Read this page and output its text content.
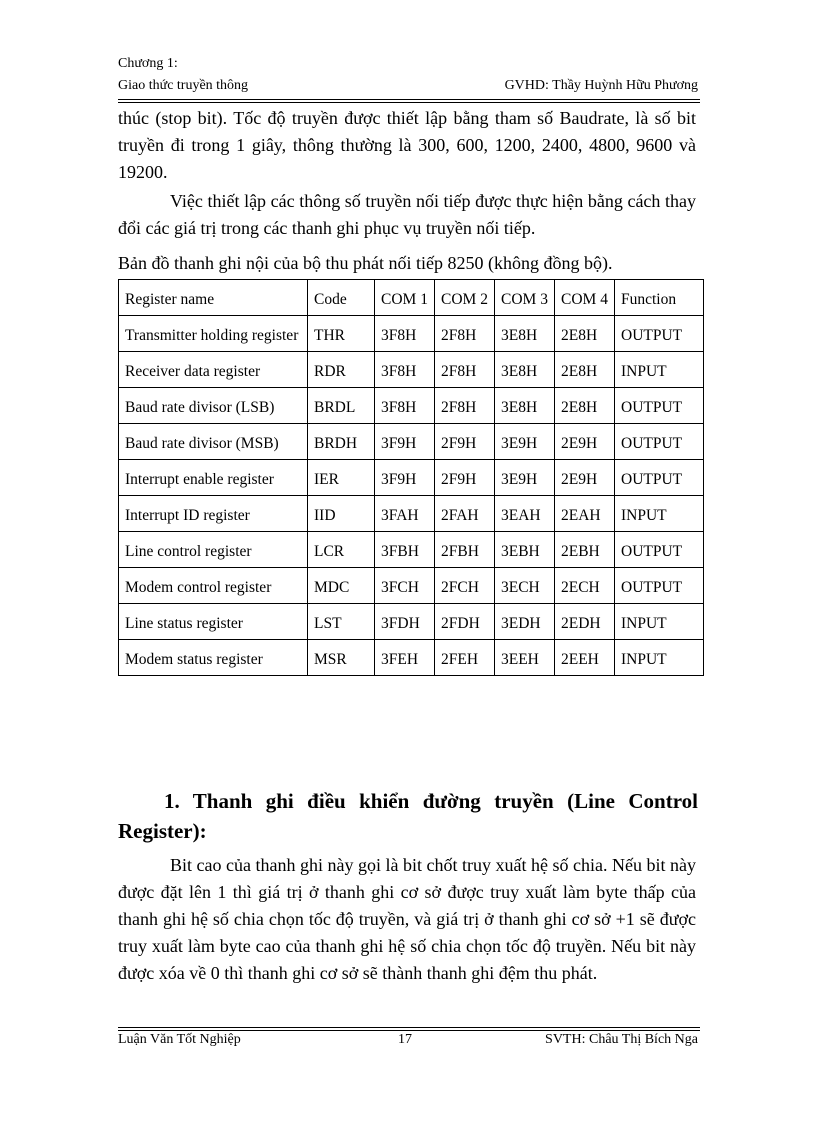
Chương 1:
Giao thức truyền thông	GVHD: Thầy Huỳnh Hữu Phương
thúc (stop bit). Tốc độ truyền được thiết lập bằng tham số Baudrate, là số bit truyền đi trong 1 giây, thông thường là 300, 600, 1200, 2400, 4800, 9600 và 19200.
Việc thiết lập các thông số truyền nối tiếp được thực hiện bằng cách thay đổi các giá trị trong các thanh ghi phục vụ truyền nối tiếp.
Bản đồ thanh ghi nội của bộ thu phát nối tiếp 8250 (không đồng bộ).
Register name	Code	COM 1	COM 2	COM 3	COM 4	Function
Transmitter holding register	THR	3F8H	2F8H	3E8H	2E8H	OUTPUT
Receiver data register	RDR	3F8H	2F8H	3E8H	2E8H	INPUT
Baud rate divisor (LSB)	BRDL	3F8H	2F8H	3E8H	2E8H	OUTPUT
Baud rate divisor (MSB)	BRDH	3F9H	2F9H	3E9H	2E9H	OUTPUT
Interrupt enable register	IER	3F9H	2F9H	3E9H	2E9H	OUTPUT
Interrupt ID register	IID	3FAH	2FAH	3EAH	2EAH	INPUT
Line control register	LCR	3FBH	2FBH	3EBH	2EBH	OUTPUT
Modem control register	MDC	3FCH	2FCH	3ECH	2ECH	OUTPUT
Line status register	LST	3FDH	2FDH	3EDH	2EDH	INPUT
Modem status register	MSR	3FEH	2FEH	3EEH	2EEH	INPUT
1. Thanh ghi điều khiển đường truyền (Line Control Register):
Bit cao của thanh ghi này gọi là bit chốt truy xuất hệ số chia. Nếu bit này được đặt lên 1 thì giá trị ở thanh ghi cơ sở được truy xuất làm byte thấp của thanh ghi hệ số chia chọn tốc độ truyền, và giá trị ở thanh ghi cơ sở +1 sẽ được truy xuất làm byte cao của thanh ghi hệ số chia chọn tốc độ truyền. Nếu bit này được xóa về 0 thì thanh ghi cơ sở sẽ thành thanh ghi đệm thu phát.
Luận Văn Tốt Nghiệp	17	SVTH: Châu Thị Bích Nga
